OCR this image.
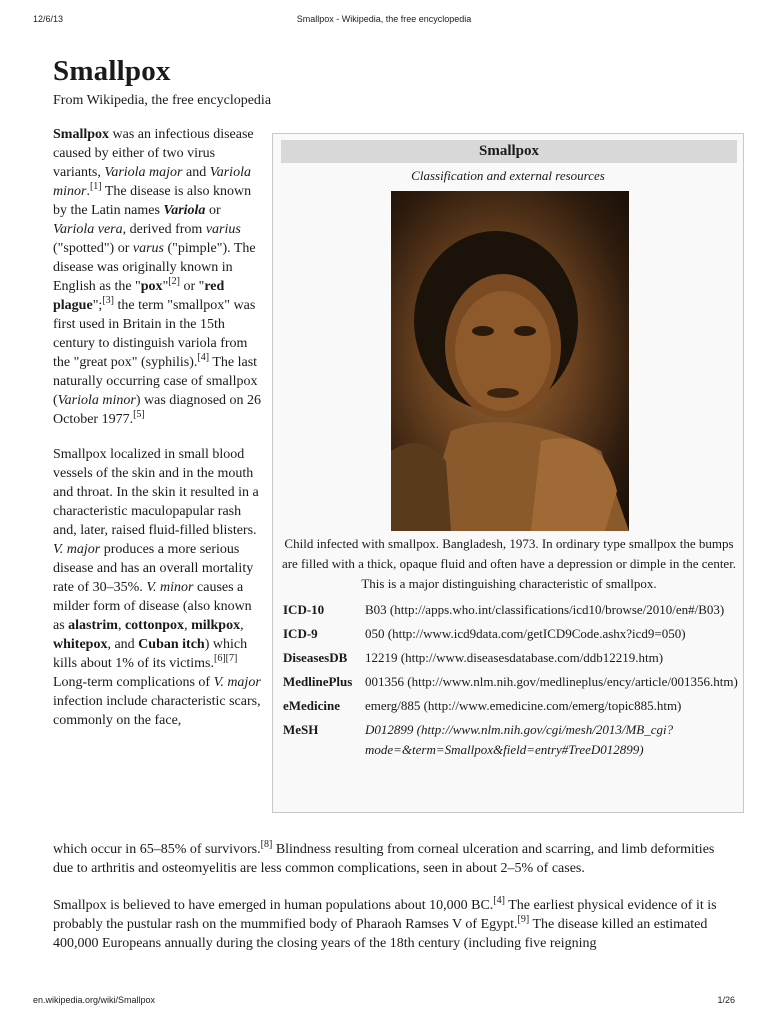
12/6/13	Smallpox - Wikipedia, the free encyclopedia
Smallpox
From Wikipedia, the free encyclopedia

Smallpox was an infectious disease caused by either of two virus variants, Variola major and Variola minor.[1] The disease is also known by the Latin names Variola or Variola vera, derived from varius ("spotted") or varus ("pimple"). The disease was originally known in English as the "pox"[2] or "red plague";[3] the term "smallpox" was first used in Britain in the 15th century to distinguish variola from the "great pox" (syphilis).[4] The last naturally occurring case of smallpox (Variola minor) was diagnosed on 26 October 1977.[5]

Smallpox localized in small blood vessels of the skin and in the mouth and throat. In the skin it resulted in a characteristic maculopapular rash and, later, raised fluid-filled blisters. V. major produces a more serious disease and has an overall mortality rate of 30–35%. V. minor causes a milder form of disease (also known as alastrim, cottonpox, milkpox, whitepox, and Cuban itch) which kills about 1% of its victims.[6][7] Long-term complications of V. major infection include characteristic scars, commonly on the face,

Smallpox
Classification and external resources
Child infected with smallpox. Bangladesh, 1973. In ordinary type smallpox the bumps are filled with a thick, opaque fluid and often have a depression or dimple in the center. This is a major distinguishing characteristic of smallpox.
ICD-10	B03 (http://apps.who.int/classifications/icd10/browse/2010/en#/B03)
ICD-9	050 (http://www.icd9data.com/getICD9Code.ashx?icd9=050)
DiseasesDB	12219 (http://www.diseasesdatabase.com/ddb12219.htm)
MedlinePlus 001356 (http://www.nlm.nih.gov/medlineplus/ency/article/001356.htm)
eMedicine	emerg/885 (http://www.emedicine.com/emerg/topic885.htm)
MeSH	D012899 (http://www.nlm.nih.gov/cgi/mesh/2013/MB_cgi?mode=&term=Smallpox&field=entry#TreeD012899)
which occur in 65–85% of survivors.[8] Blindness resulting from corneal ulceration and scarring, and limb deformities due to arthritis and osteomyelitis are less common complications, seen in about 2–5% of cases.
Smallpox is believed to have emerged in human populations about 10,000 BC.[4] The earliest physical evidence of it is probably the pustular rash on the mummified body of Pharaoh Ramses V of Egypt.[9] The disease killed an estimated 400,000 Europeans annually during the closing years of the 18th century (including five reigning
en.wikipedia.org/wiki/Smallpox	1/26
